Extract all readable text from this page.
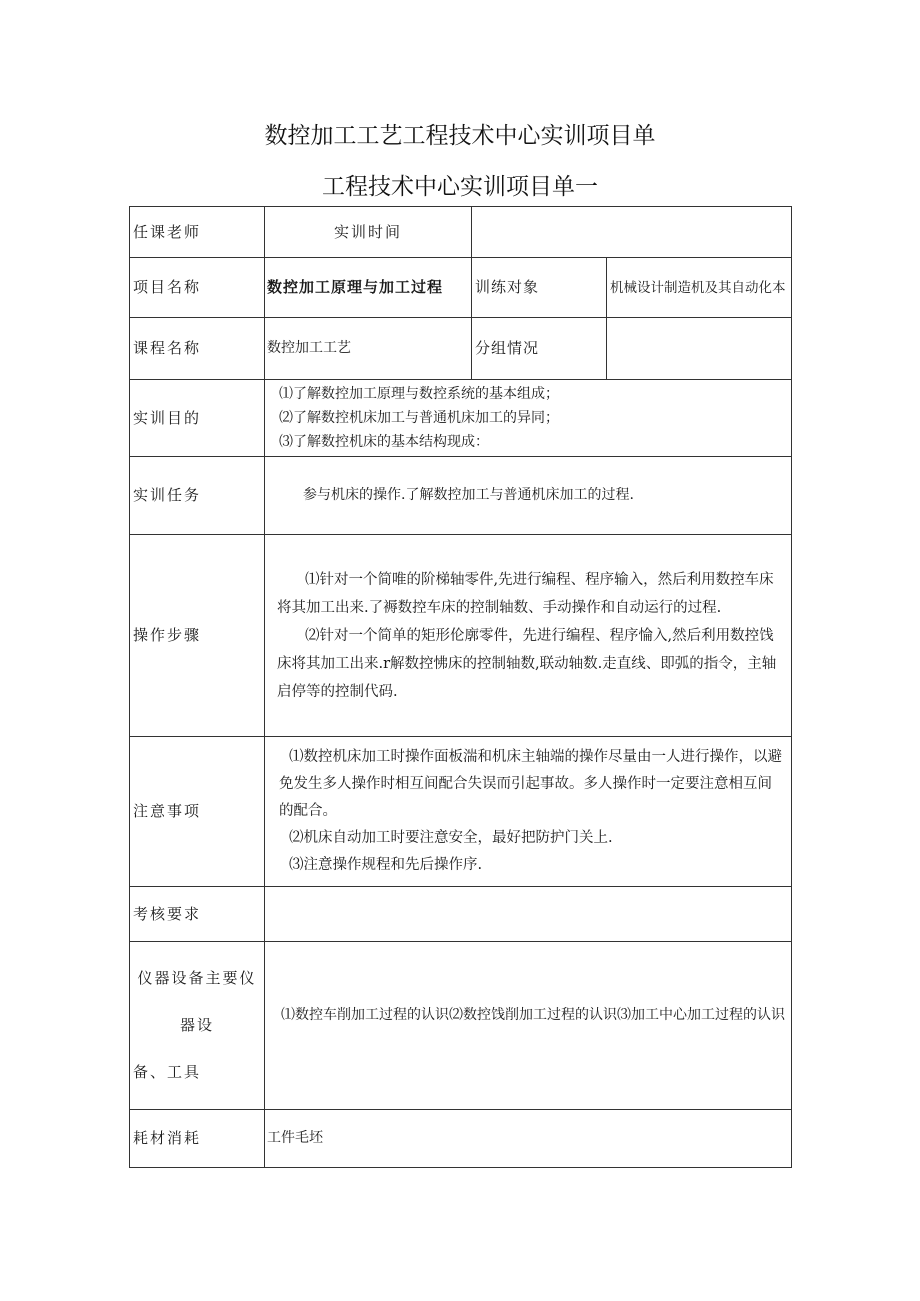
数控加工工艺工程技术中心实训项目单
工程技术中心实训项目单一
任课老师	实训时间		
项目名称	数控加工原理与加工过程	训练对象	机械设计制造机及其自动化本
课程名称	数控加工工艺	分组情况	
实训目的	⑴了解数控加工原理与数控系统的基本组成；
⑵了解数控机床加工与普通机床加工的异同；
⑶了解数控机床的基本结构现成：		

实训任务	参与机床的操作.了解数控加工与普通机床加工的过程.		
操作步骤	⑴针对一个简唯的阶梯轴零件,先进行编程、程序输入，然后利用数控车床将其加工出来.了褥数控车床的控制轴数、手动操作和自动运行的过程.

⑵针对一个简单的矩形伦廓零件，先进行编程、程序惀入,然后利用数控饯床将其加工出来.r解数控怫床的控制轴数,联动轴数.走直线、即弧的指令，主轴启停等的控制代码.		

注意事项	⑴数控机床加工时操作面板湍和机床主轴端的操作尽量由一人进行操作，以避免发生多人操作时相互间配合失误而引起事故。多人操作时一定要注意相互间的配合。

⑵机床自动加工时要注意安全，最好把防护门关上.

⑶注意操作规程和先后操作序.		

考核要求			

仪器设备主要仪
器设
备、工具	⑴数控车削加工过程的认识⑵数控饯削加工过程的认识⑶加工中心加工过程的认识		
耗材消耗	工件毛坯		
